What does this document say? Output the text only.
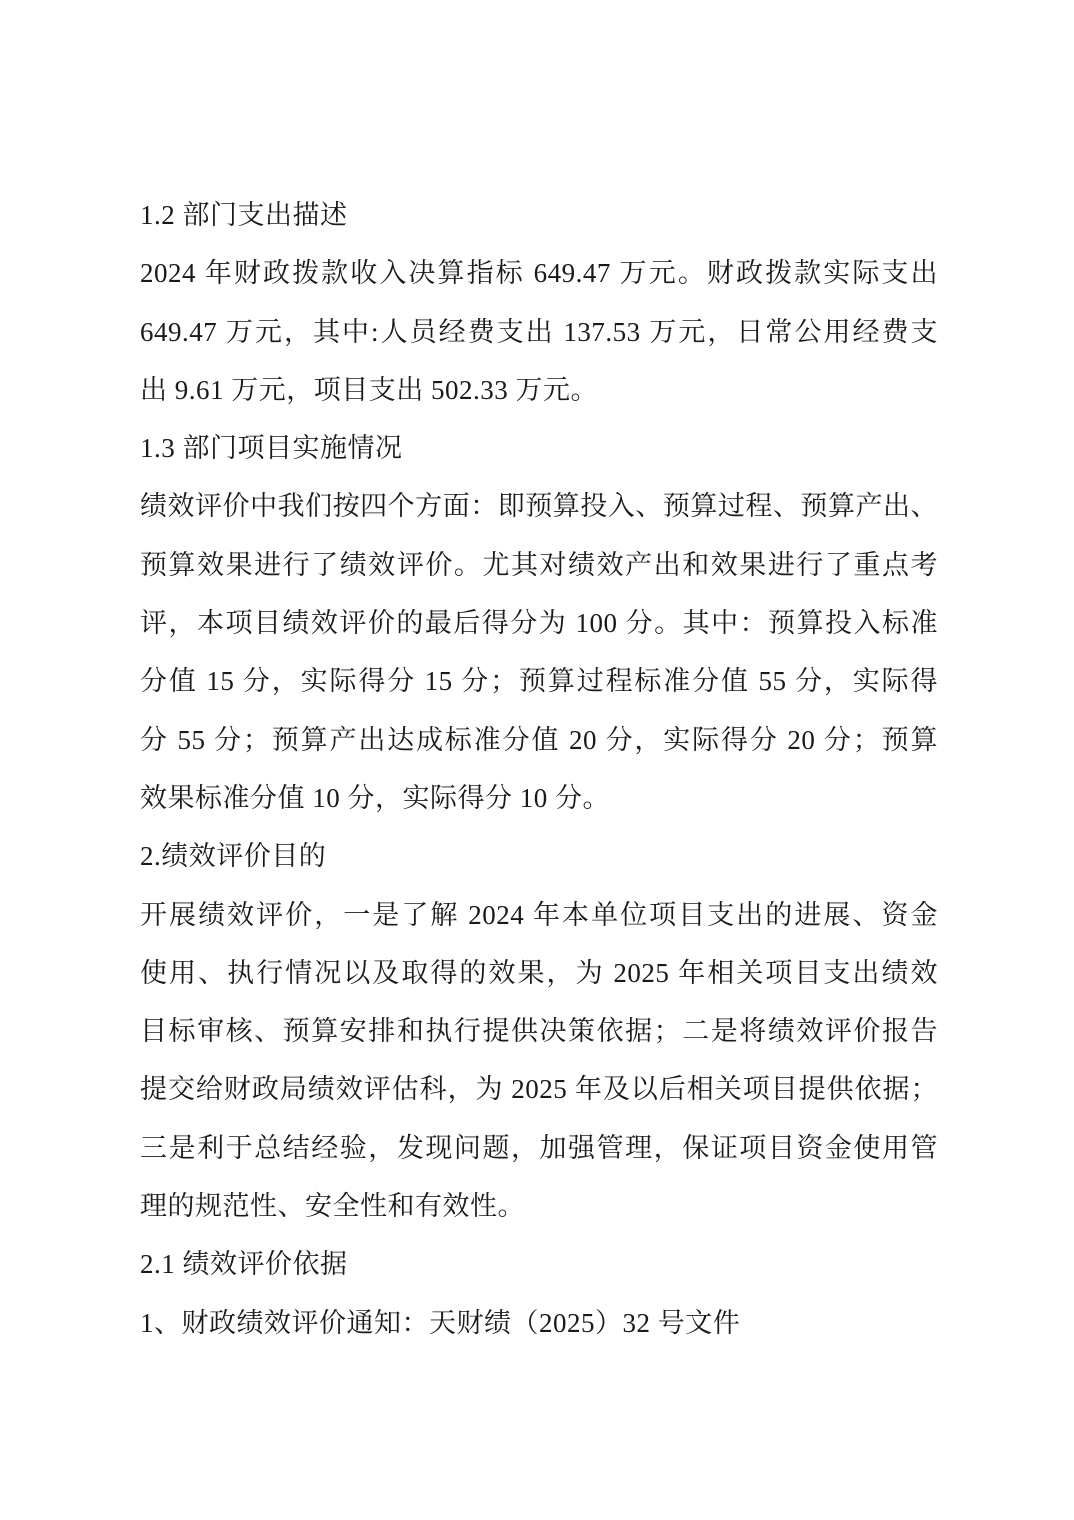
1.2 部门支出描述
2024 年财政拨款收入决算指标 649.47 万元。财政拨款实际支出
649.47 万元，其中:人员经费支出 137.53 万元，日常公用经费支
出 9.61 万元，项目支出 502.33 万元。
1.3 部门项目实施情况
绩效评价中我们按四个方面：即预算投入、预算过程、预算产出、
预算效果进行了绩效评价。尤其对绩效产出和效果进行了重点考
评，本项目绩效评价的最后得分为 100 分。其中：预算投入标准
分值 15 分，实际得分 15 分；预算过程标准分值 55 分，实际得
分 55 分；预算产出达成标准分值 20 分，实际得分 20 分；预算
效果标准分值 10 分，实际得分 10 分。
2.绩效评价目的
开展绩效评价，一是了解 2024 年本单位项目支出的进展、资金
使用、执行情况以及取得的效果，为 2025 年相关项目支出绩效
目标审核、预算安排和执行提供决策依据；二是将绩效评价报告
提交给财政局绩效评估科，为 2025 年及以后相关项目提供依据；
三是利于总结经验，发现问题，加强管理，保证项目资金使用管
理的规范性、安全性和有效性。
2.1 绩效评价依据
1、财政绩效评价通知：天财绩（2025）32 号文件
